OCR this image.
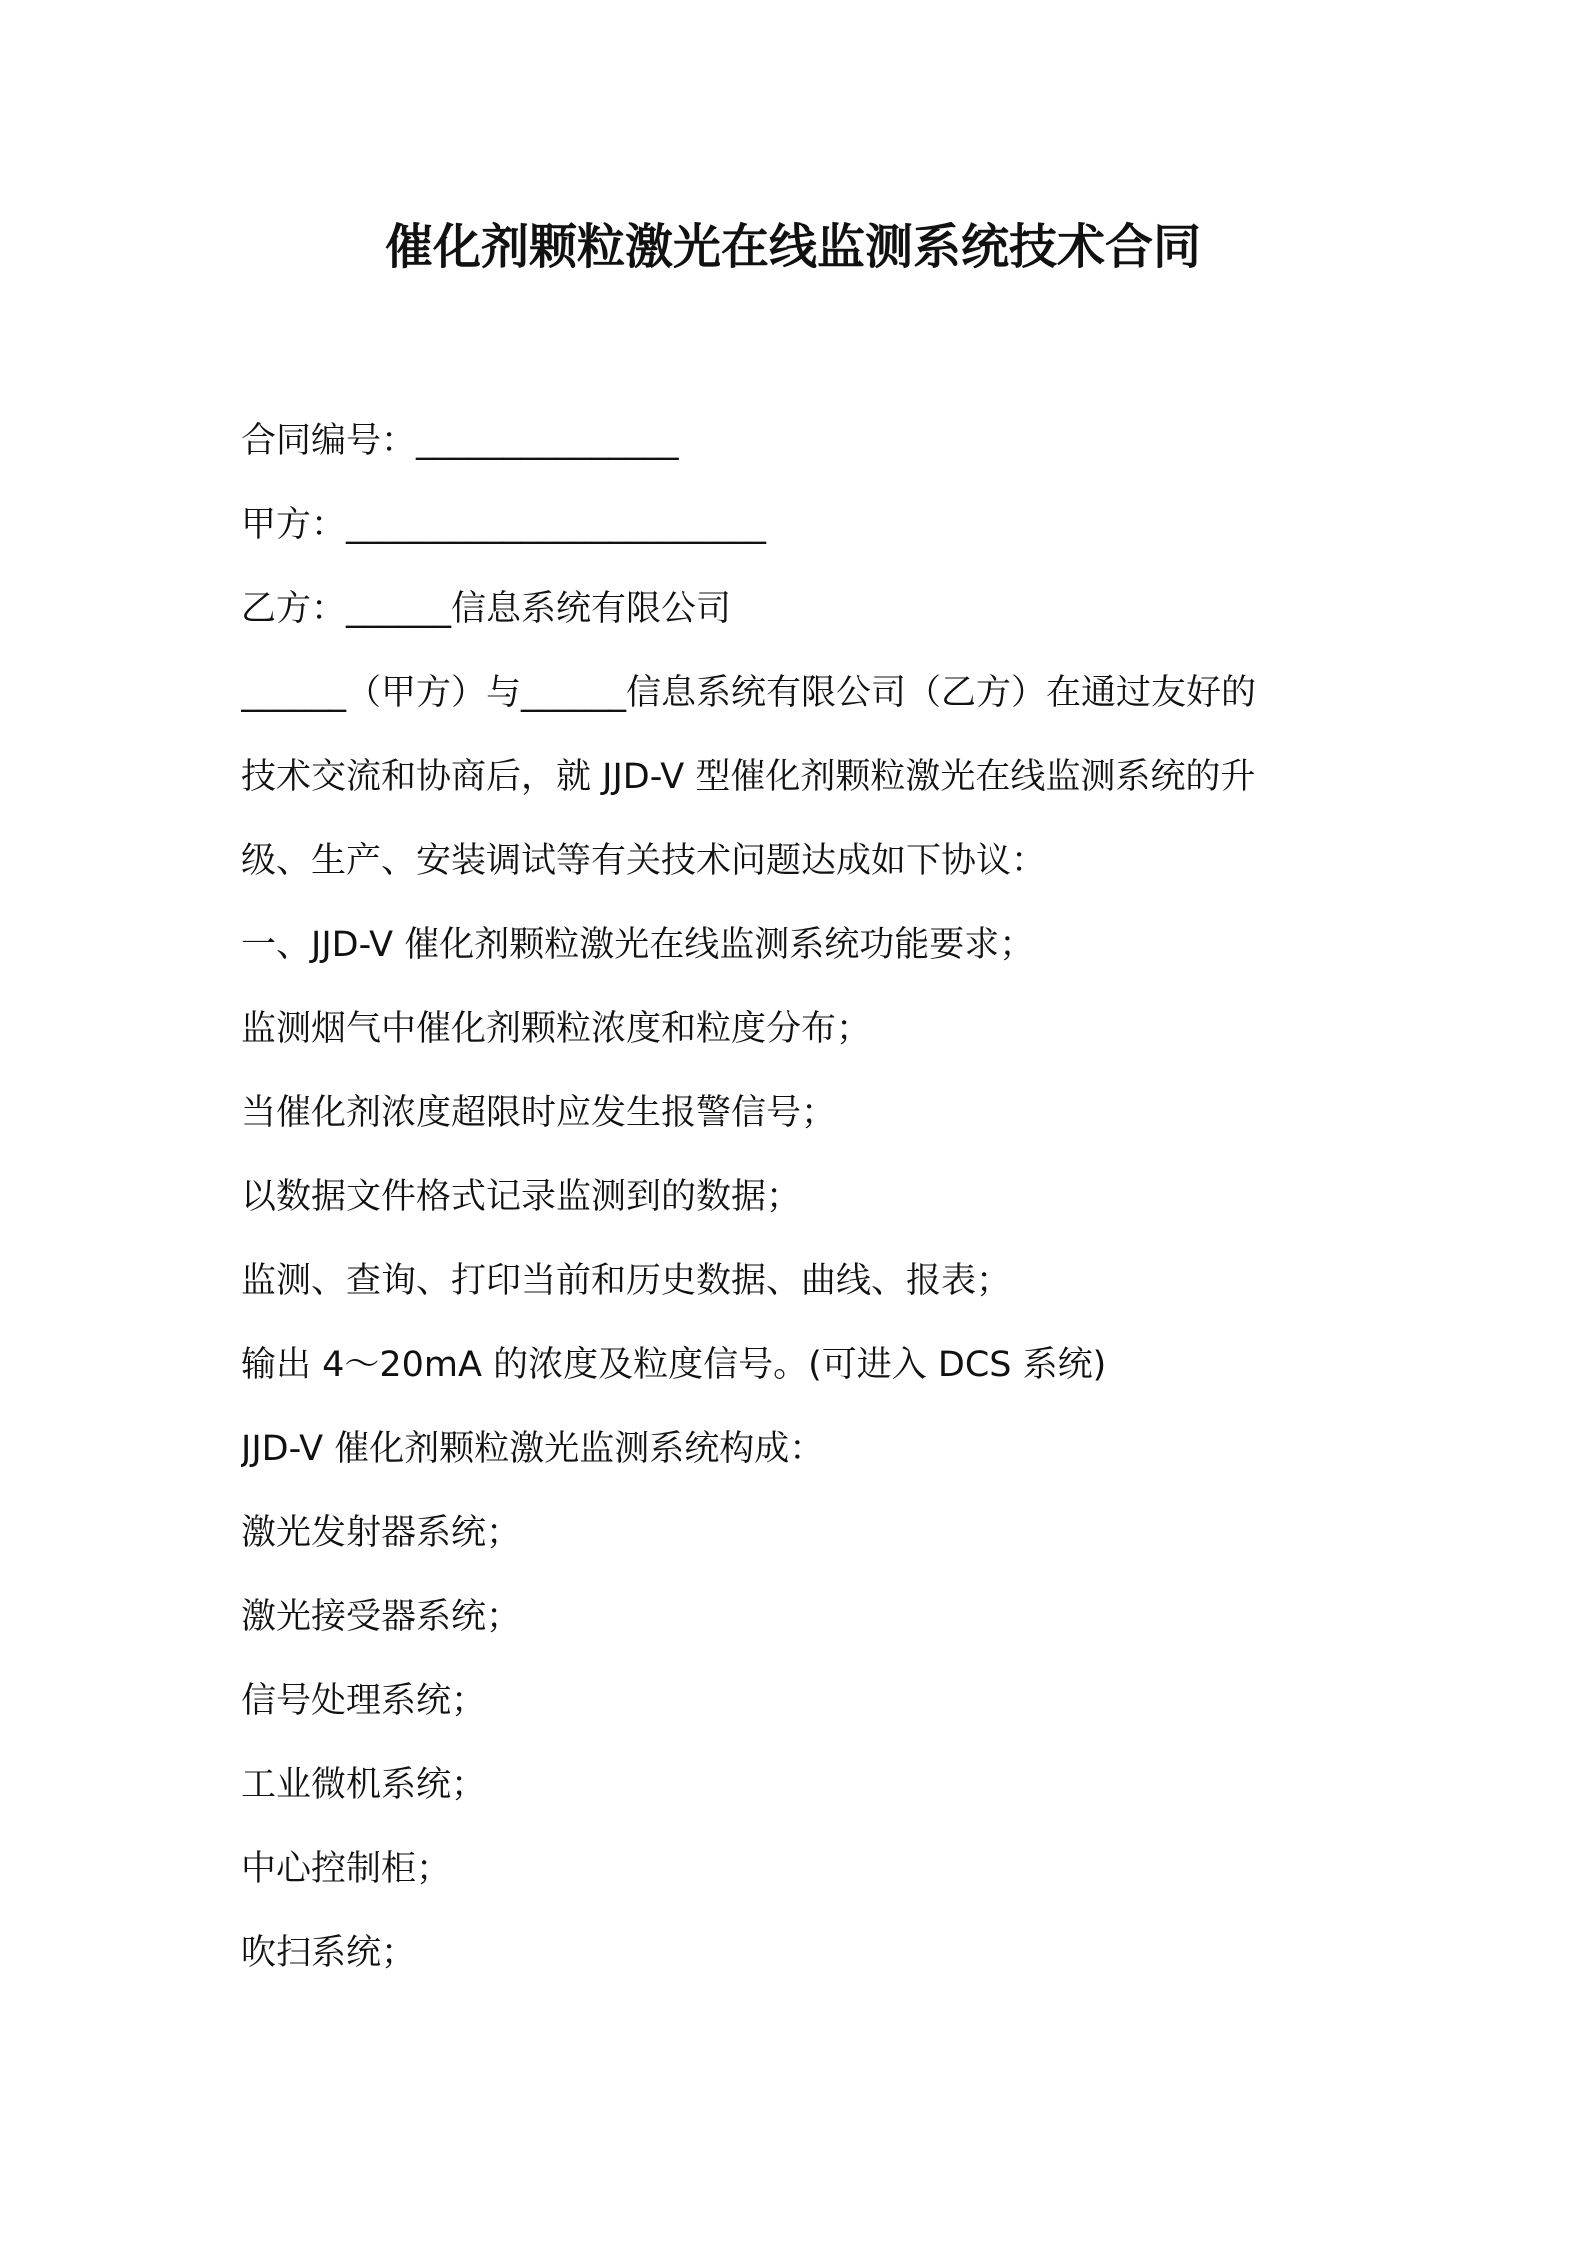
催化剂颗粒激光在线监测系统技术合同
合同编号：_______________
甲方：________________________
乙方：______信息系统有限公司
______（甲方）与______信息系统有限公司（乙方）在通过友好的
技术交流和协商后，就 JJD-V 型催化剂颗粒激光在线监测系统的升
级、生产、安装调试等有关技术问题达成如下协议：
一、JJD-V 催化剂颗粒激光在线监测系统功能要求；
监测烟气中催化剂颗粒浓度和粒度分布；
当催化剂浓度超限时应发生报警信号；
以数据文件格式记录监测到的数据；
监测、查询、打印当前和历史数据、曲线、报表；
输出 4～20mA 的浓度及粒度信号。(可进入 DCS 系统)
JJD-V 催化剂颗粒激光监测系统构成：
激光发射器系统；
激光接受器系统；
信号处理系统；
工业微机系统；
中心控制柜；
吹扫系统；
